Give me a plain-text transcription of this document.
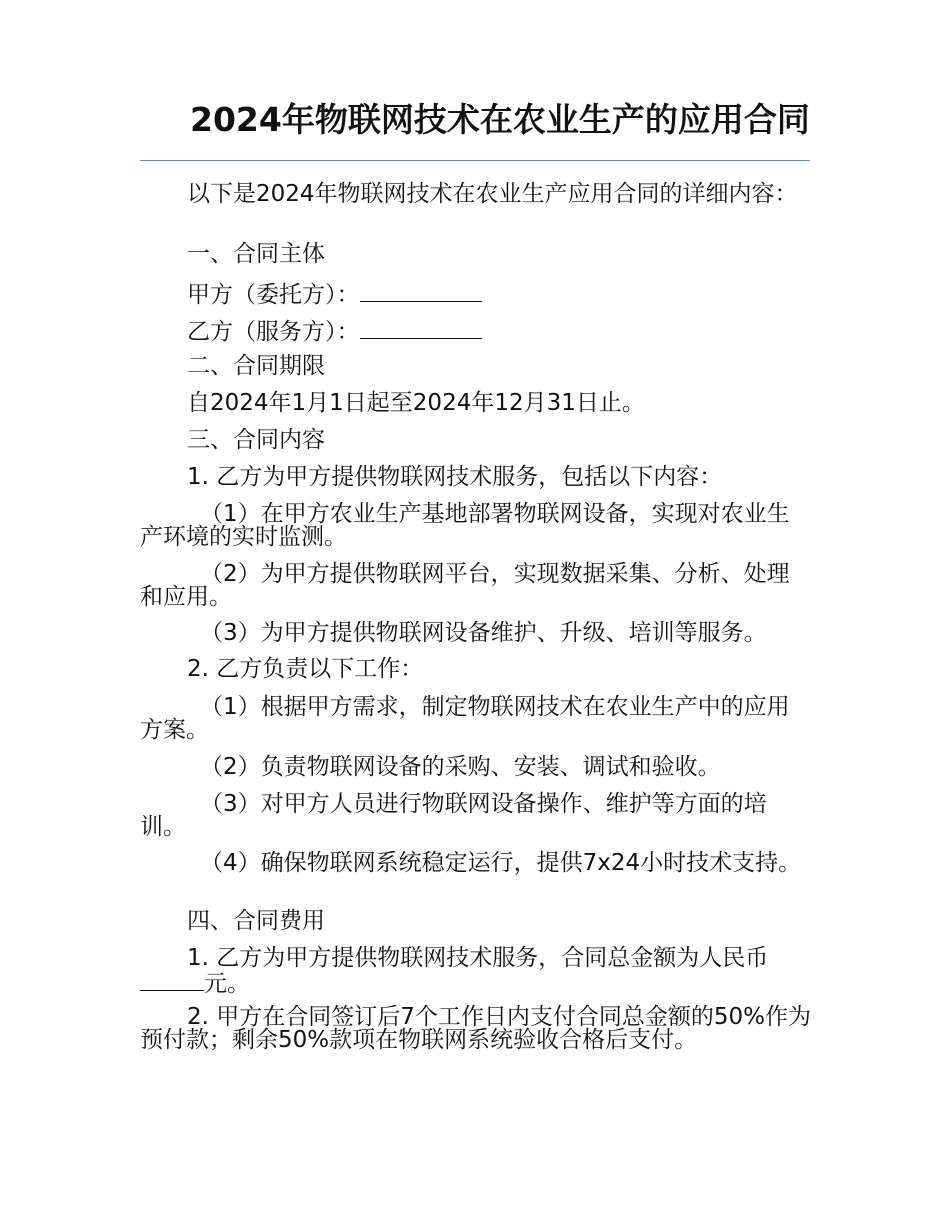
2024年物联网技术在农业生产的应用合同
以下是2024年物联网技术在农业生产应用合同的详细内容：
一、合同主体
甲方（委托方）：
乙方（服务方）：
二、合同期限
自2024年1月1日起至2024年12月31日止。
三、合同内容
1. 乙方为甲方提供物联网技术服务，包括以下内容：
（1）在甲方农业生产基地部署物联网设备，实现对农业生产环境的实时监测。
（2）为甲方提供物联网平台，实现数据采集、分析、处理和应用。
（3）为甲方提供物联网设备维护、升级、培训等服务。
2. 乙方负责以下工作：
（1）根据甲方需求，制定物联网技术在农业生产中的应用方案。
（2）负责物联网设备的采购、安装、调试和验收。
（3）对甲方人员进行物联网设备操作、维护等方面的培训。
（4）确保物联网系统稳定运行，提供7x24小时技术支持。
四、合同费用
1. 乙方为甲方提供物联网技术服务，合同总金额为人民币元。
2. 甲方在合同签订后7个工作日内支付合同总金额的50%作为预付款；剩余50%款项在物联网系统验收合格后支付。
